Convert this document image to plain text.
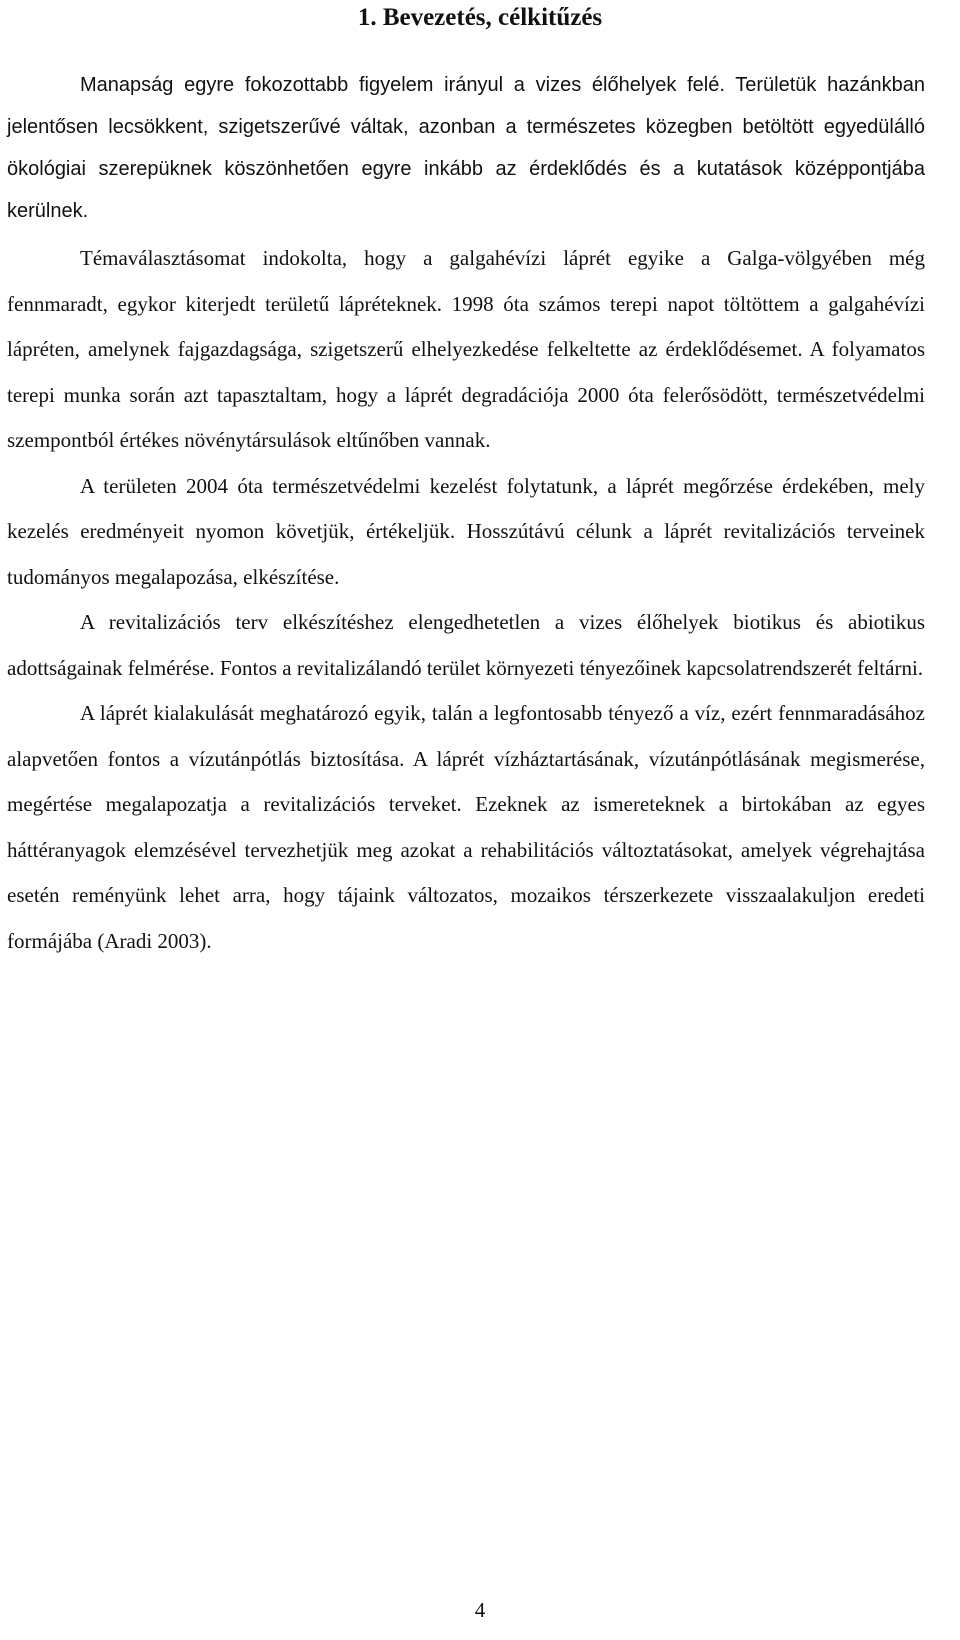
1. Bevezetés, célkitűzés

Manapság egyre fokozottabb figyelem irányul a vizes élőhelyek felé. Területük hazánkban jelentősen lecsökkent, szigetszerűvé váltak, azonban a természetes közegben betöltött egyedülálló ökológiai szerepüknek köszönhetően egyre inkább az érdeklődés és a kutatások középpontjába kerülnek.

Témaválasztásomat indokolta, hogy a galgahévízi láprét egyike a Galga-völgyében még fennmaradt, egykor kiterjedt területű lápréteknek. 1998 óta számos terepi napot töltöttem a galgahévízi lápréten, amelynek fajgazdagsága, szigetszerű elhelyezkedése felkeltette az érdeklődésemet. A folyamatos terepi munka során azt tapasztaltam, hogy a láprét degradációja 2000 óta felerősödött, természetvédelmi szempontból értékes növénytársulások eltűnőben vannak.

A területen 2004 óta természetvédelmi kezelést folytatunk, a láprét megőrzése érdekében, mely kezelés eredményeit nyomon követjük, értékeljük. Hosszútávú célunk a láprét revitalizációs terveinek tudományos megalapozása, elkészítése.

A revitalizációs terv elkészítéshez elengedhetetlen a vizes élőhelyek biotikus és abiotikus adottságainak felmérése. Fontos a revitalizálandó terület környezeti tényezőinek kapcsolatrendszerét feltárni.

A láprét kialakulását meghatározó egyik, talán a legfontosabb tényező a víz, ezért fennmaradásához alapvetően fontos a vízutánpótlás biztosítása. A láprét vízháztartásának, vízutánpótlásának megismerése, megértése megalapozatja a revitalizációs terveket. Ezeknek az ismereteknek a birtokában az egyes háttéranyagok elemzésével tervezhetjük meg azokat a rehabilitációs változtatásokat, amelyek végrehajtása esetén reményünk lehet arra, hogy tájaink változatos, mozaikos térszerkezete visszaalakuljon eredeti formájába (Aradi 2003).

4
